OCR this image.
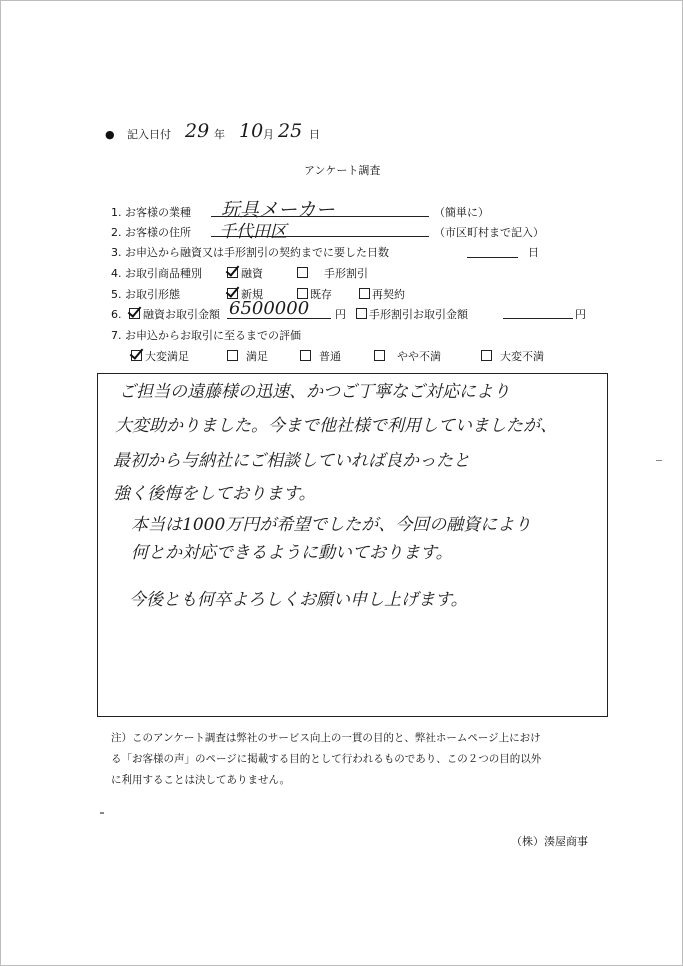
● 記入日付 29 年 10 月 25 日
アンケート調査
1. お客様の業種 玩具メーカー	（簡単に）
2. お客様の住所 千代田区	（市区町村まで記入）
3. お申込から融資又は手形割引の契約までに要した日数	日
4. お取引商品種別	融資	手形割引
5. お取引形態	新規	既存	再契約
6.	融資お取引金額 6500000 円	手形割引お取引金額	円
7. お申込からお取引に至るまでの評価
大変満足	満足	普通	やや不満	大変不満
ご担当の遠藤様の迅速、かつご丁寧なご対応により
大変助かりました。今まで他社様で利用していましたが、
最初から与納社にご相談していれば良かったと
強く後悔をしております。
本当は1000万円が希望でしたが、今回の融資により
何とか対応できるように動いております。
今後とも何卒よろしくお願い申し上げます。
注）このアンケート調査は弊社のサービス向上の一貫の目的と、弊社ホームページ上におけ
る「お客様の声」のページに掲載する目的として行われるものであり、この２つの目的以外
に利用することは決してありません。
（株）湊屋商事
